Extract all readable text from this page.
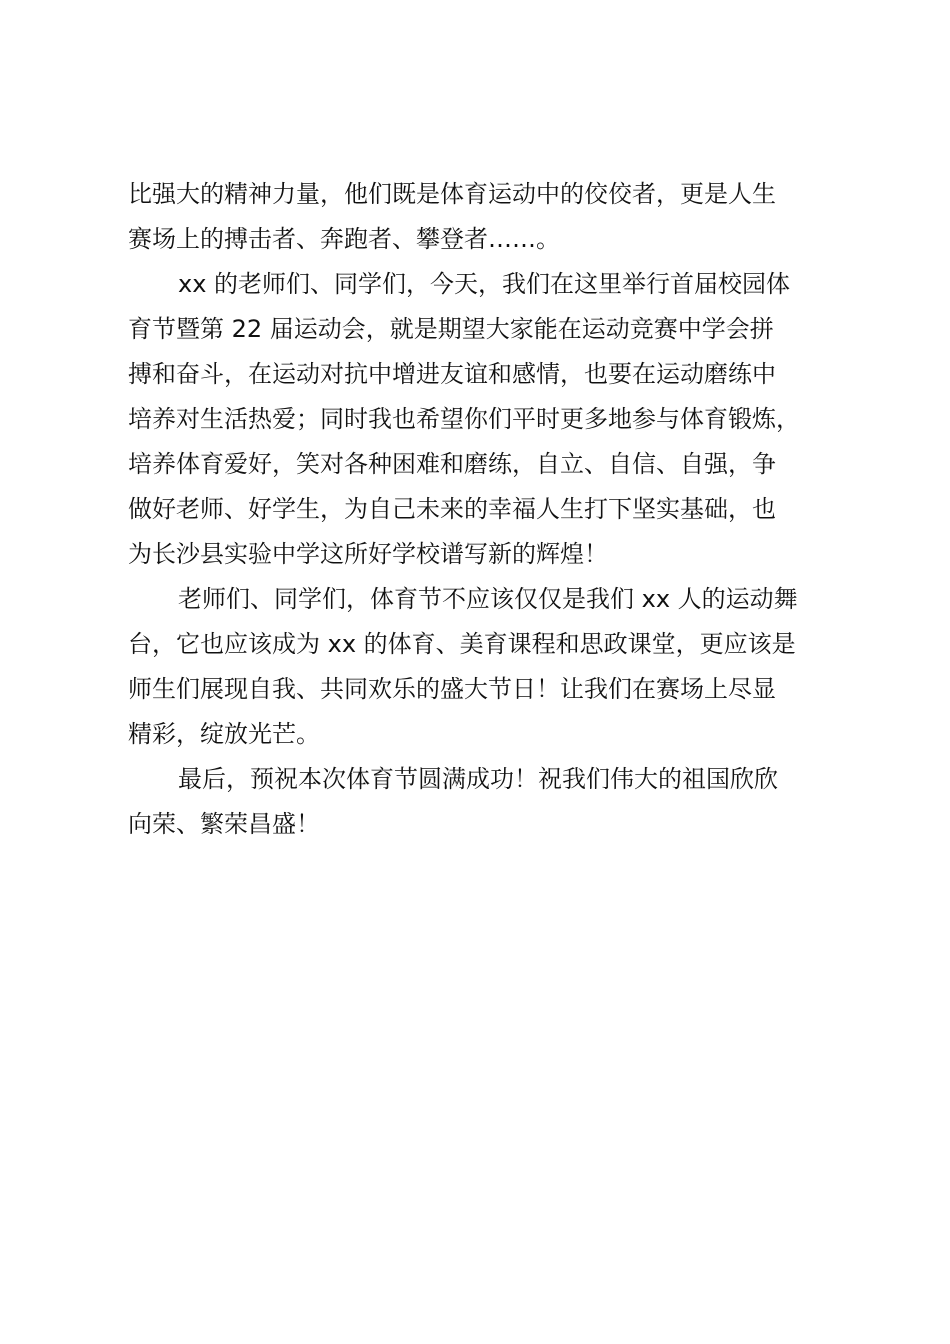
比强大的精神力量，他们既是体育运动中的佼佼者，更是人生
赛场上的搏击者、奔跑者、攀登者……。
xx 的老师们、同学们，今天，我们在这里举行首届校园体
育节暨第 22 届运动会，就是期望大家能在运动竞赛中学会拼
搏和奋斗，在运动对抗中增进友谊和感情，也要在运动磨练中
培养对生活热爱；同时我也希望你们平时更多地参与体育锻炼，
培养体育爱好，笑对各种困难和磨练，自立、自信、自强，争
做好老师、好学生，为自己未来的幸福人生打下坚实基础，也
为长沙县实验中学这所好学校谱写新的辉煌！
老师们、同学们，体育节不应该仅仅是我们 xx 人的运动舞
台，它也应该成为 xx 的体育、美育课程和思政课堂，更应该是
师生们展现自我、共同欢乐的盛大节日！让我们在赛场上尽显
精彩，绽放光芒。
最后，预祝本次体育节圆满成功！祝我们伟大的祖国欣欣
向荣、繁荣昌盛！
